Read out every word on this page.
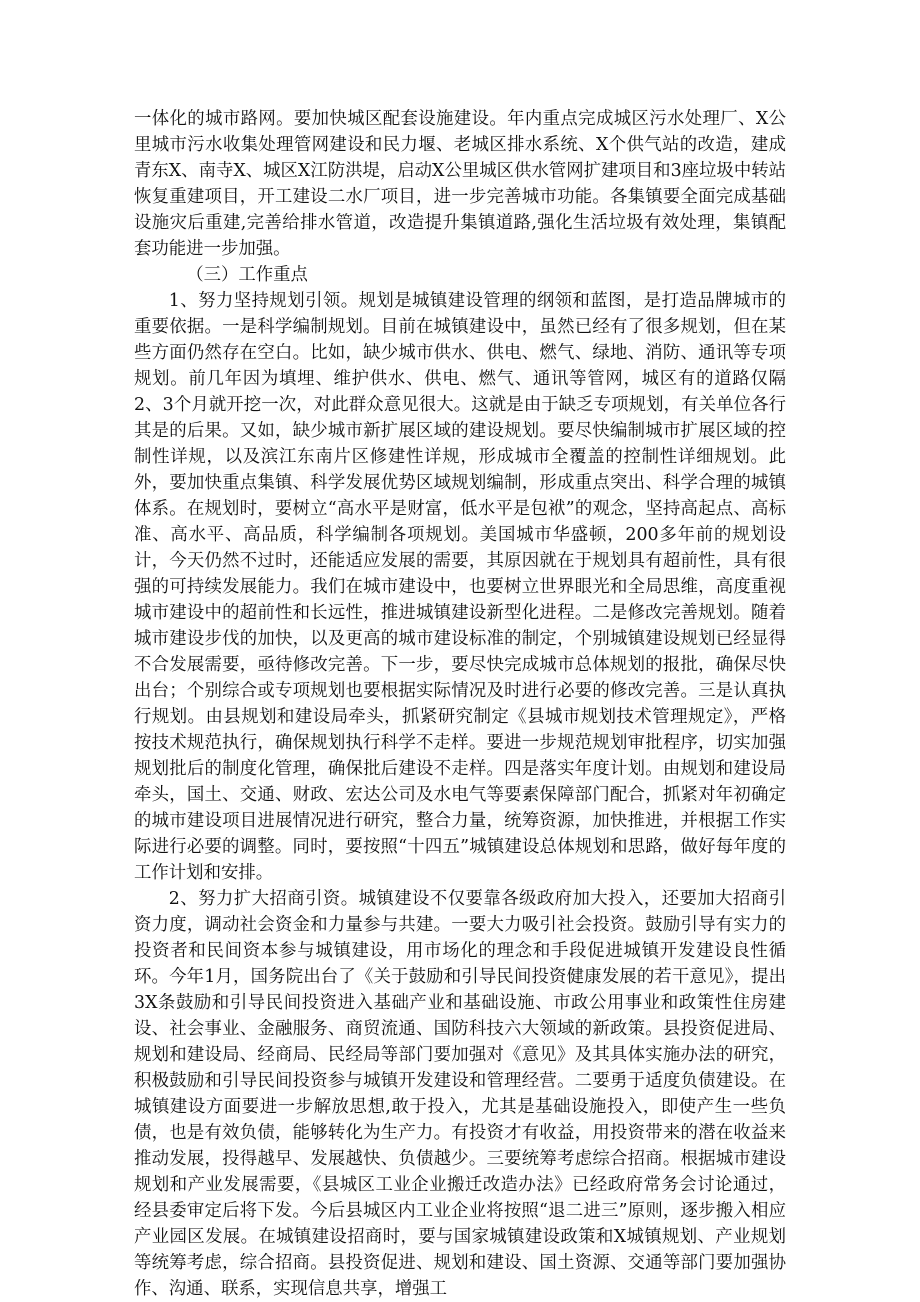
一体化的城市路网。要加快城区配套设施建设。年内重点完成城区污水处理厂、X公里城市污水收集处理管网建设和民力堰、老城区排水系统、X个供气站的改造，建成青东X、南寺X、城区X江防洪堤，启动X公里城区供水管网扩建项目和3座垃圾中转站恢复重建项目，开工建设二水厂项目，进一步完善城市功能。各集镇要全面完成基础设施灾后重建,完善给排水管道，改造提升集镇道路,强化生活垃圾有效处理，集镇配套功能进一步加强。

（三）工作重点

1、努力坚持规划引领。规划是城镇建设管理的纲领和蓝图，是打造品牌城市的重要依据。一是科学编制规划。目前在城镇建设中，虽然已经有了很多规划，但在某些方面仍然存在空白。比如，缺少城市供水、供电、燃气、绿地、消防、通讯等专项规划。前几年因为填埋、维护供水、供电、燃气、通讯等管网，城区有的道路仅隔2、3个月就开挖一次，对此群众意见很大。这就是由于缺乏专项规划，有关单位各行其是的后果。又如，缺少城市新扩展区域的建设规划。要尽快编制城市扩展区域的控制性详规，以及滨江东南片区修建性详规，形成城市全覆盖的控制性详细规划。此外，要加快重点集镇、科学发展优势区域规划编制，形成重点突出、科学合理的城镇体系。在规划时，要树立“高水平是财富，低水平是包袱”的观念，坚持高起点、高标准、高水平、高品质，科学编制各项规划。美国城市华盛顿，200多年前的规划设计，今天仍然不过时，还能适应发展的需要，其原因就在于规划具有超前性，具有很强的可持续发展能力。我们在城市建设中，也要树立世界眼光和全局思维，高度重视城市建设中的超前性和长远性，推进城镇建设新型化进程。二是修改完善规划。随着城市建设步伐的加快，以及更高的城市建设标准的制定，个别城镇建设规划已经显得不合发展需要，亟待修改完善。下一步，要尽快完成城市总体规划的报批，确保尽快出台；个别综合或专项规划也要根据实际情况及时进行必要的修改完善。三是认真执行规划。由县规划和建设局牵头，抓紧研究制定《县城市规划技术管理规定》，严格按技术规范执行，确保规划执行科学不走样。要进一步规范规划审批程序，切实加强规划批后的制度化管理，确保批后建设不走样。四是落实年度计划。由规划和建设局牵头，国土、交通、财政、宏达公司及水电气等要素保障部门配合，抓紧对年初确定的城市建设项目进展情况进行研究，整合力量，统筹资源，加快推进，并根据工作实际进行必要的调整。同时，要按照“十四五”城镇建设总体规划和思路，做好每年度的工作计划和安排。

2、努力扩大招商引资。城镇建设不仅要靠各级政府加大投入，还要加大招商引资力度，调动社会资金和力量参与共建。一要大力吸引社会投资。鼓励引导有实力的投资者和民间资本参与城镇建设，用市场化的理念和手段促进城镇开发建设良性循环。今年1月，国务院出台了《关于鼓励和引导民间投资健康发展的若干意见》，提出3X条鼓励和引导民间投资进入基础产业和基础设施、市政公用事业和政策性住房建设、社会事业、金融服务、商贸流通、国防科技六大领域的新政策。县投资促进局、规划和建设局、经商局、民经局等部门要加强对《意见》及其具体实施办法的研究，积极鼓励和引导民间投资参与城镇开发建设和管理经营。二要勇于适度负债建设。在城镇建设方面要进一步解放思想,敢于投入，尤其是基础设施投入，即使产生一些负债，也是有效负债，能够转化为生产力。有投资才有收益，用投资带来的潜在收益来推动发展，投得越早、发展越快、负债越少。三要统筹考虑综合招商。根据城市建设规划和产业发展需要，《县城区工业企业搬迁改造办法》已经政府常务会讨论通过，经县委审定后将下发。今后县城区内工业企业将按照“退二进三”原则，逐步搬入相应产业园区发展。在城镇建设招商时，要与国家城镇建设政策和X城镇规划、产业规划等统筹考虑，综合招商。县投资促进、规划和建设、国土资源、交通等部门要加强协作、沟通、联系，实现信息共享，增强工
